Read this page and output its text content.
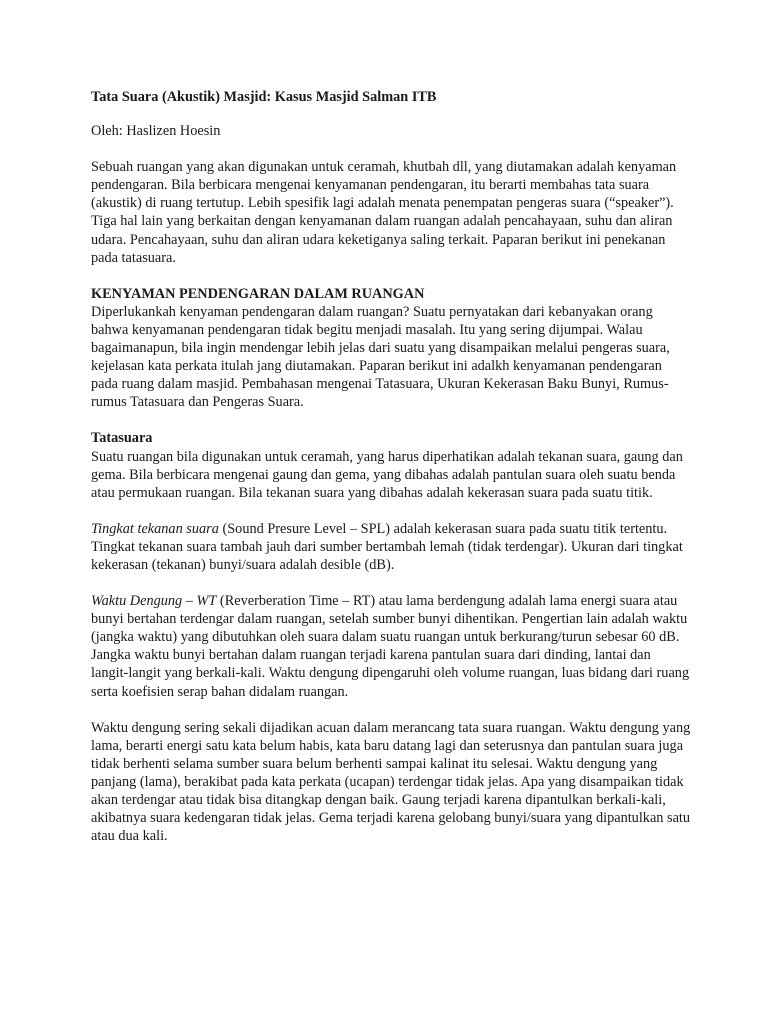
Tata Suara (Akustik) Masjid: Kasus Masjid Salman ITB

Oleh: Haslizen Hoesin

Sebuah ruangan yang akan digunakan untuk ceramah, khutbah dll, yang diutamakan adalah kenyaman pendengaran. Bila berbicara mengenai kenyamanan pendengaran, itu berarti membahas tata suara (akustik) di ruang tertutup. Lebih spesifik lagi adalah menata penempatan pengeras suara (“speaker”). Tiga hal lain yang berkaitan dengan kenyamanan dalam ruangan adalah pencahayaan, suhu dan aliran udara. Pencahayaan, suhu dan aliran udara keketiganya saling terkait. Paparan berikut ini penekanan pada tatasuara.

KENYAMAN PENDENGARAN DALAM RUANGAN

Diperlukankah kenyaman pendengaran dalam ruangan? Suatu pernyatakan dari kebanyakan orang bahwa kenyamanan pendengaran tidak begitu menjadi masalah. Itu yang sering dijumpai. Walau bagaimanapun, bila ingin mendengar lebih jelas dari suatu yang disampaikan melalui pengeras suara, kejelasan kata perkata itulah jang diutamakan. Paparan berikut ini adalkh kenyamanan pendengaran pada ruang dalam masjid. Pembahasan mengenai Tatasuara, Ukuran Kekerasan Baku Bunyi, Rumus-rumus Tatasuara dan Pengeras Suara.

Tatasuara

Suatu ruangan bila digunakan untuk ceramah, yang harus diperhatikan adalah tekanan suara, gaung dan gema. Bila berbicara mengenai gaung dan gema, yang dibahas adalah pantulan suara oleh suatu benda atau permukaan ruangan. Bila tekanan suara yang dibahas adalah kekerasan suara pada suatu titik.

Tingkat tekanan suara (Sound Presure Level – SPL) adalah kekerasan suara pada suatu titik tertentu. Tingkat tekanan suara tambah jauh dari sumber bertambah lemah (tidak terdengar). Ukuran dari tingkat kekerasan (tekanan) bunyi/suara adalah desible (dB).

Waktu Dengung – WT (Reverberation Time – RT) atau lama berdengung adalah lama energi suara atau bunyi bertahan terdengar dalam ruangan, setelah sumber bunyi dihentikan. Pengertian lain adalah waktu (jangka waktu) yang dibutuhkan oleh suara dalam suatu ruangan untuk berkurang/turun sebesar 60 dB. Jangka waktu bunyi bertahan dalam ruangan terjadi karena pantulan suara dari dinding, lantai dan langit-langit yang berkali-kali. Waktu dengung dipengaruhi oleh volume ruangan, luas bidang dari ruang serta koefisien serap bahan didalam ruangan.

Waktu dengung sering sekali dijadikan acuan dalam merancang tata suara ruangan. Waktu dengung yang lama, berarti energi satu kata belum habis, kata baru datang lagi dan seterusnya dan pantulan suara juga tidak berhenti selama sumber suara belum berhenti sampai kalinat itu selesai. Waktu dengung yang panjang (lama), berakibat pada kata perkata (ucapan) terdengar tidak jelas. Apa yang disampaikan tidak akan terdengar atau tidak bisa ditangkap dengan baik. Gaung terjadi karena dipantulkan berkali-kali, akibatnya suara kedengaran tidak jelas. Gema terjadi karena gelobang bunyi/suara yang dipantulkan satu atau dua kali.
